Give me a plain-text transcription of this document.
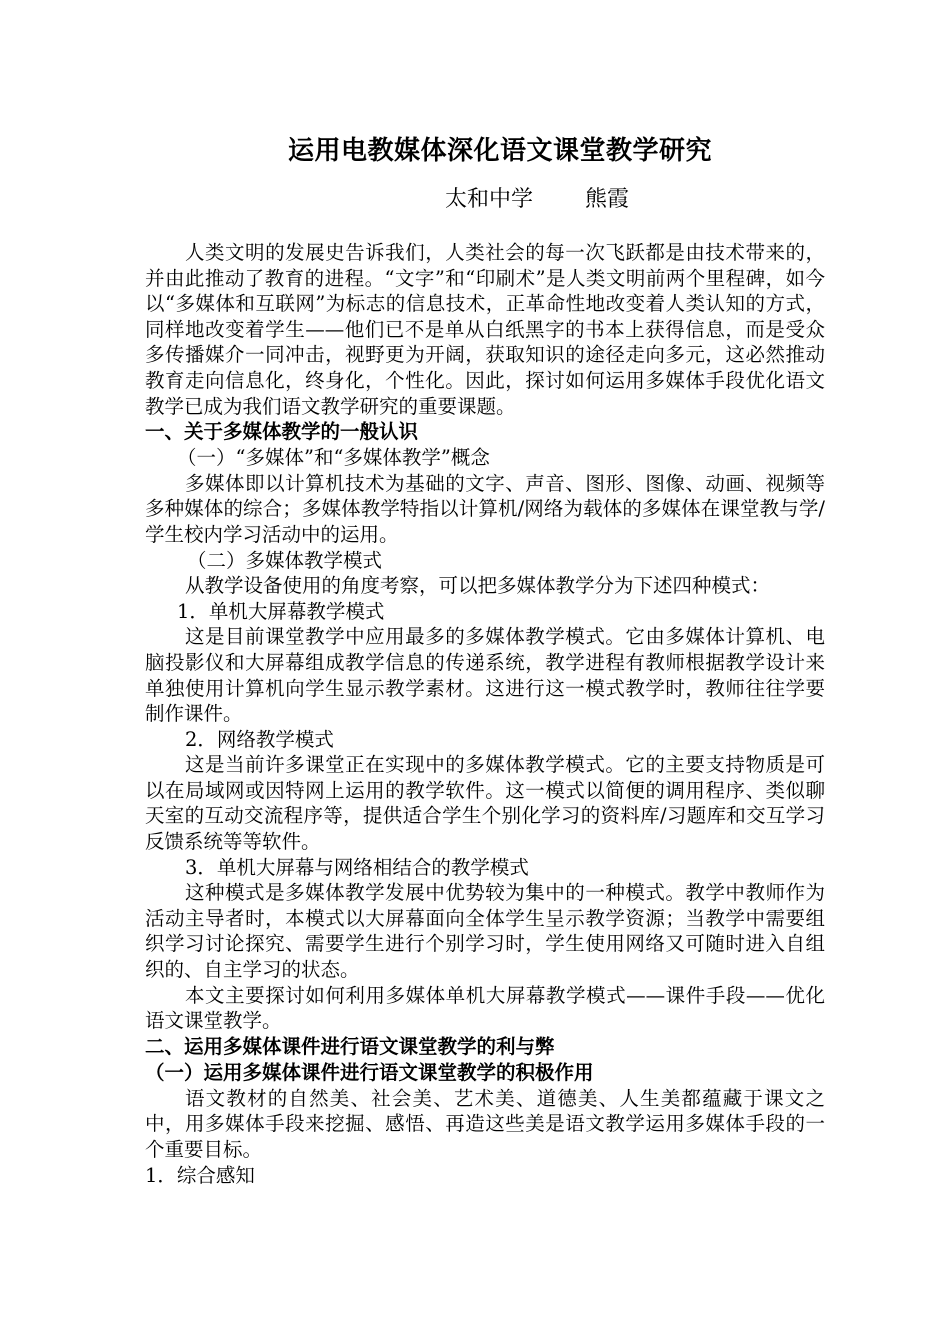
运用电教媒体深化语文课堂教学研究
太和中学 熊霞

人类文明的发展史告诉我们，人类社会的每一次飞跃都是由技术带来的，并由此推动了教育的进程。“文字”和“印刷术”是人类文明前两个里程碑，如今以“多媒体和互联网”为标志的信息技术，正革命性地改变着人类认知的方式，同样地改变着学生——他们已不是单从白纸黑字的书本上获得信息，而是受众多传播媒介一同冲击，视野更为开阔，获取知识的途径走向多元，这必然推动教育走向信息化，终身化，个性化。因此，探讨如何运用多媒体手段优化语文教学已成为我们语文教学研究的重要课题。

一、关于多媒体教学的一般认识

（一）“多媒体”和“多媒体教学”概念

多媒体即以计算机技术为基础的文字、声音、图形、图像、动画、视频等多种媒体的综合；多媒体教学特指以计算机/网络为载体的多媒体在课堂教与学/学生校内学习活动中的运用。

（二）多媒体教学模式

从教学设备使用的角度考察，可以把多媒体教学分为下述四种模式：

1．单机大屏幕教学模式

这是目前课堂教学中应用最多的多媒体教学模式。它由多媒体计算机、电脑投影仪和大屏幕组成教学信息的传递系统，教学进程有教师根据教学设计来单独使用计算机向学生显示教学素材。这进行这一模式教学时，教师往往学要制作课件。

2．网络教学模式

这是当前许多课堂正在实现中的多媒体教学模式。它的主要支持物质是可以在局域网或因特网上运用的教学软件。这一模式以简便的调用程序、类似聊天室的互动交流程序等，提供适合学生个别化学习的资料库/习题库和交互学习反馈系统等等软件。

3．单机大屏幕与网络相结合的教学模式

这种模式是多媒体教学发展中优势较为集中的一种模式。教学中教师作为活动主导者时，本模式以大屏幕面向全体学生呈示教学资源；当教学中需要组织学习讨论探究、需要学生进行个别学习时，学生使用网络又可随时进入自组织的、自主学习的状态。

本文主要探讨如何利用多媒体单机大屏幕教学模式——课件手段——优化语文课堂教学。

二、运用多媒体课件进行语文课堂教学的利与弊

（一）运用多媒体课件进行语文课堂教学的积极作用

语文教材的自然美、社会美、艺术美、道德美、人生美都蕴藏于课文之中，用多媒体手段来挖掘、感悟、再造这些美是语文教学运用多媒体手段的一个重要目标。

1．综合感知
